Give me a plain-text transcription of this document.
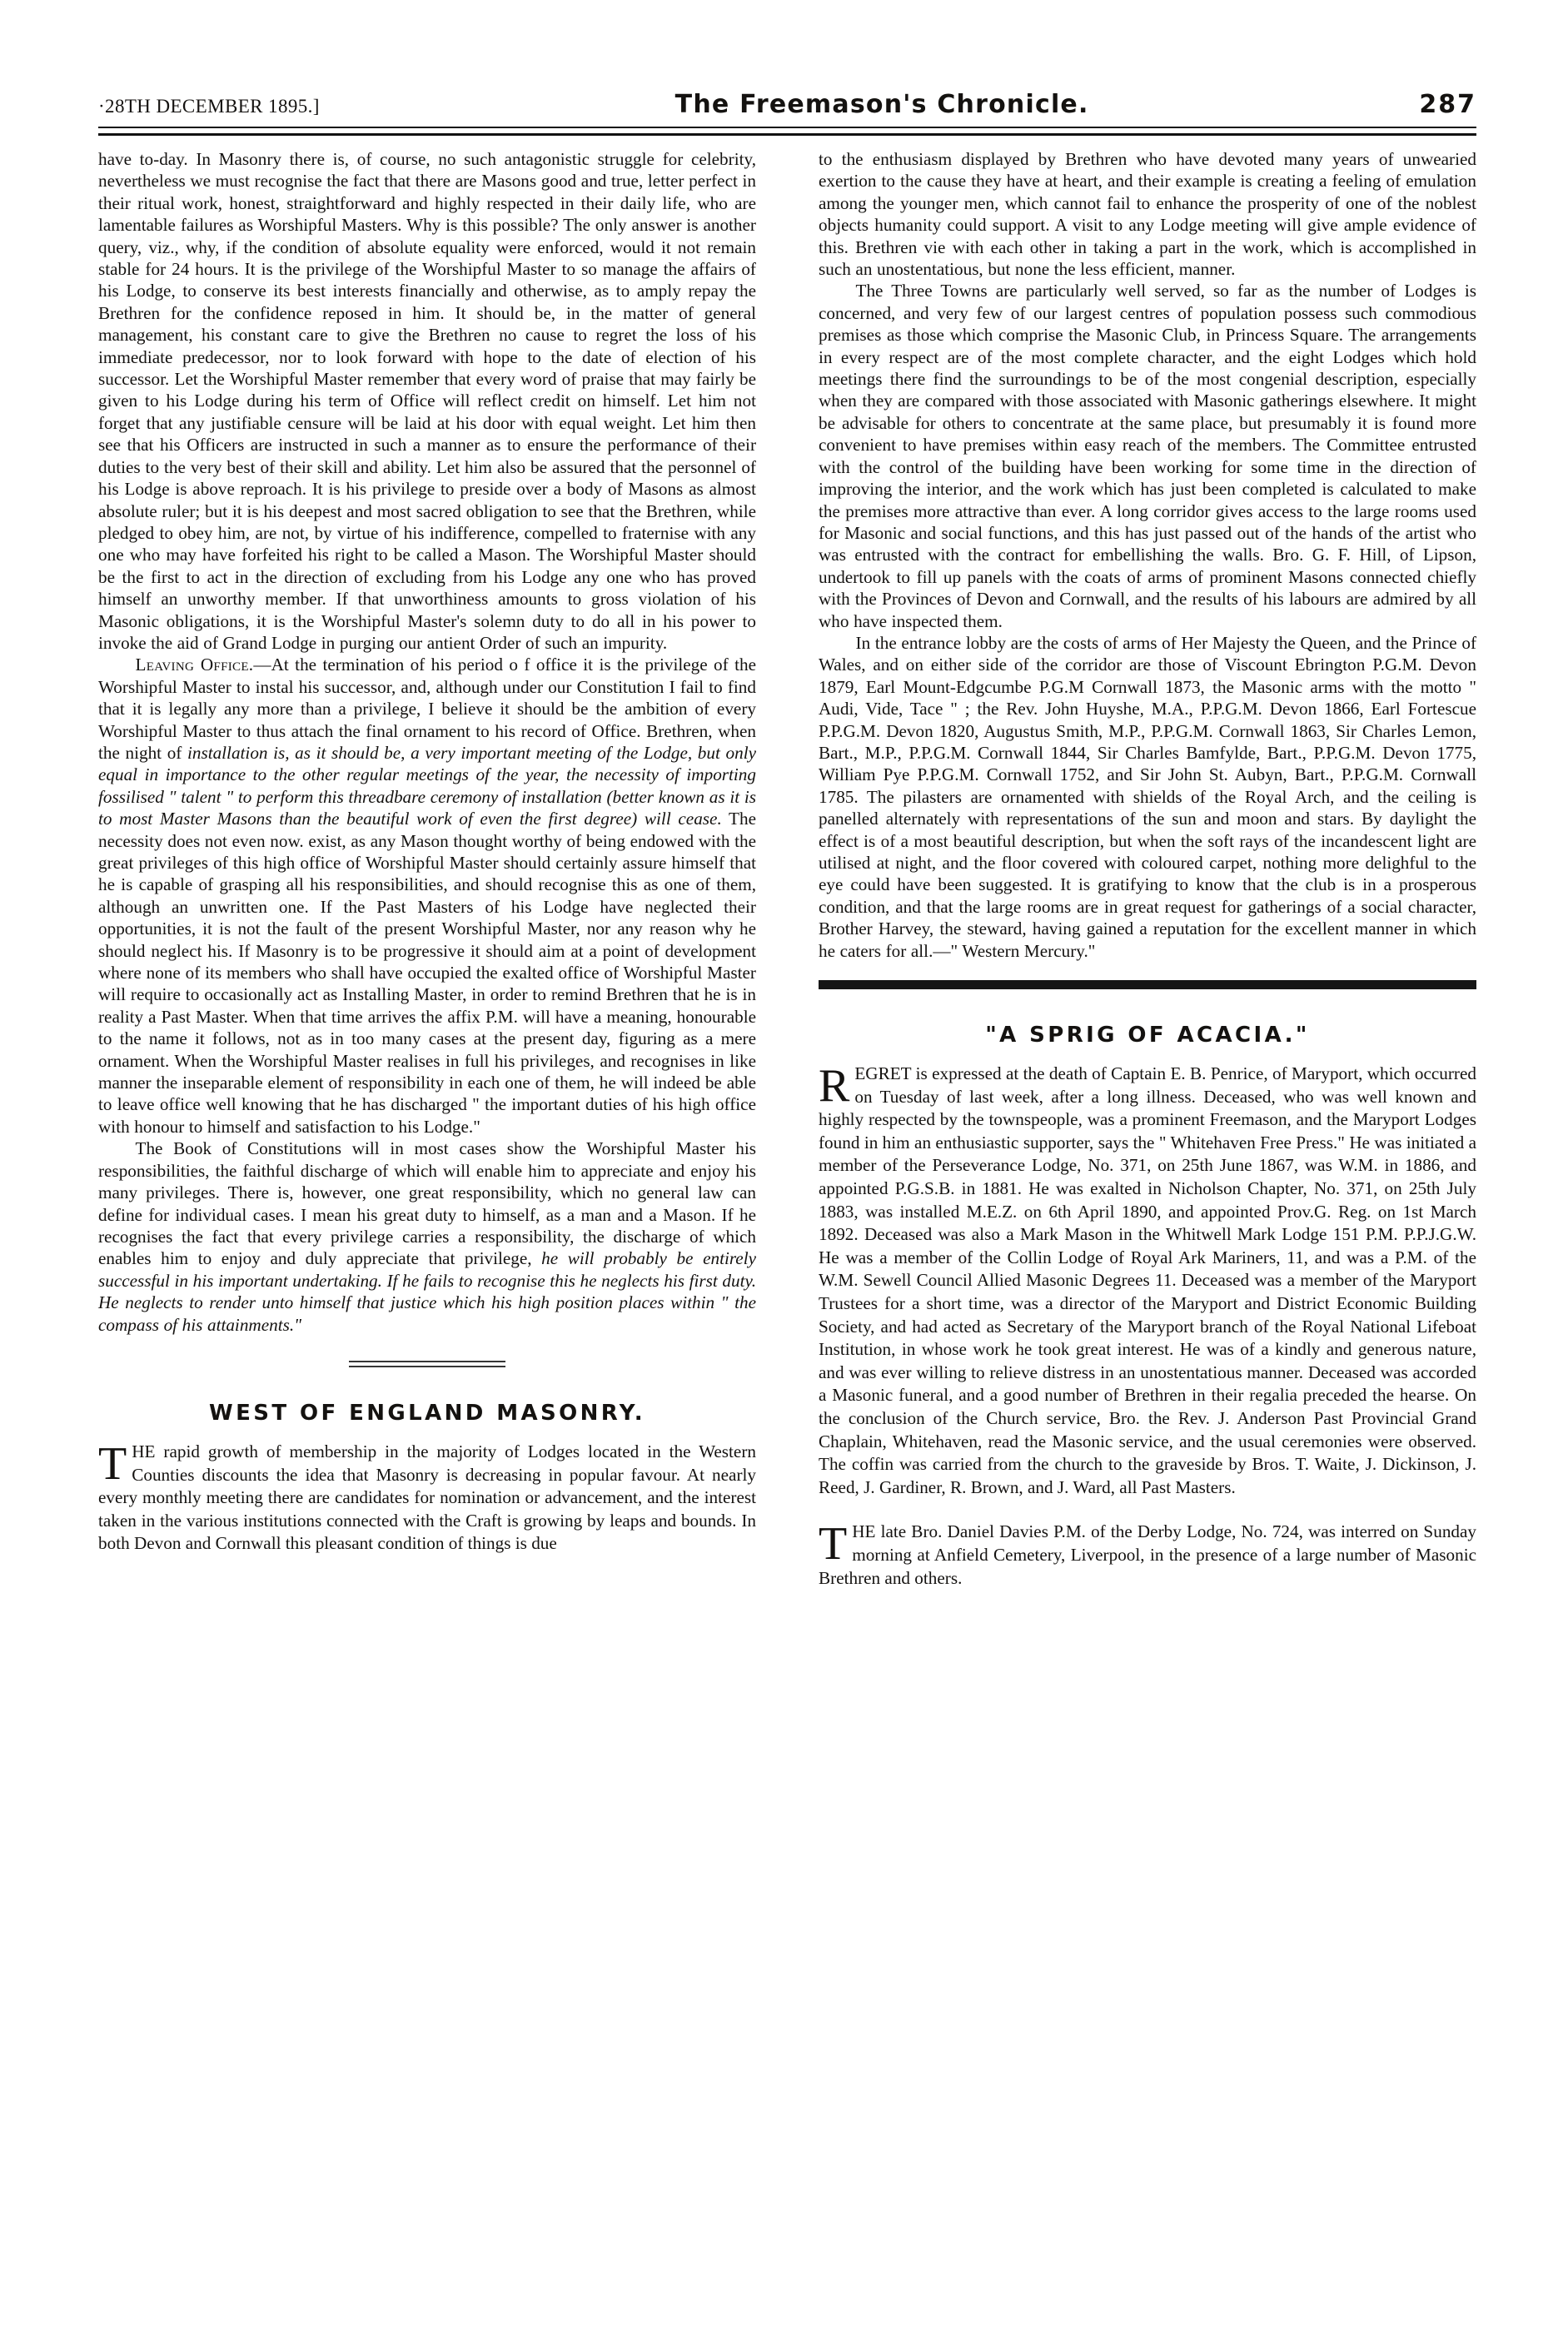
·28TH DECEMBER 1895.]	The Freemason's Chronicle.	287

have to-day. In Masonry there is, of course, no such antagonistic struggle for celebrity, nevertheless we must recognise the fact that there are Masons good and true, letter perfect in their ritual work, honest, straightforward and highly respected in their daily life, who are lamentable failures as Worshipful Masters. Why is this possible? The only answer is another query, viz., why, if the condition of absolute equality were enforced, would it not remain stable for 24 hours. It is the privilege of the Worshipful Master to so manage the affairs of his Lodge, to conserve its best interests financially and otherwise, as to amply repay the Brethren for the confidence reposed in him. It should be, in the matter of general management, his constant care to give the Brethren no cause to regret the loss of his immediate predecessor, nor to look forward with hope to the date of election of his successor. Let the Worshipful Master remember that every word of praise that may fairly be given to his Lodge during his term of Office will reflect credit on himself. Let him not forget that any justifiable censure will be laid at his door with equal weight. Let him then see that his Officers are instructed in such a manner as to ensure the performance of their duties to the very best of their skill and ability. Let him also be assured that the personnel of his Lodge is above reproach. It is his privilege to preside over a body of Masons as almost absolute ruler; but it is his deepest and most sacred obligation to see that the Brethren, while pledged to obey him, are not, by virtue of his indifference, compelled to fraternise with any one who may have forfeited his right to be called a Mason. The Worshipful Master should be the first to act in the direction of excluding from his Lodge any one who has proved himself an unworthy member. If that unworthiness amounts to gross violation of his Masonic obligations, it is the Worshipful Master's solemn duty to do all in his power to invoke the aid of Grand Lodge in purging our antient Order of such an impurity.

Leaving Office.—At the termination of his period o f office it is the privilege of the Worshipful Master to instal his successor, and, although under our Constitution I fail to find that it is legally any more than a privilege, I believe it should be the ambition of every Worshipful Master to thus attach the final ornament to his record of Office. Brethren, when the night of installation is, as it should be, a very important meeting of the Lodge, but only equal in importance to the other regular meetings of the year, the necessity of importing fossilised " talent " to perform this threadbare ceremony of installation (better known as it is to most Master Masons than the beautiful work of even the first degree) will cease. The necessity does not even now. exist, as any Mason thought worthy of being endowed with the great privileges of this high office of Worshipful Master should certainly assure himself that he is capable of grasping all his responsibilities, and should recognise this as one of them, although an unwritten one. If the Past Masters of his Lodge have neglected their opportunities, it is not the fault of the present Worshipful Master, nor any reason why he should neglect his. If Masonry is to be progressive it should aim at a point of development where none of its members who shall have occupied the exalted office of Worshipful Master will require to occasionally act as Installing Master, in order to remind Brethren that he is in reality a Past Master. When that time arrives the affix P.M. will have a meaning, honourable to the name it follows, not as in too many cases at the present day, figuring as a mere ornament. When the Worshipful Master realises in full his privileges, and recognises in like manner the inseparable element of responsibility in each one of them, he will indeed be able to leave office well knowing that he has discharged " the important duties of his high office with honour to himself and satisfaction to his Lodge."

The Book of Constitutions will in most cases show the Worshipful Master his responsibilities, the faithful discharge of which will enable him to appreciate and enjoy his many privileges. There is, however, one great responsibility, which no general law can define for individual cases. I mean his great duty to himself, as a man and a Mason. If he recognises the fact that every privilege carries a responsibility, the discharge of which enables him to enjoy and duly appreciate that privilege, he will probably be entirely successful in his important undertaking. If he fails to recognise this he neglects his first duty. He neglects to render unto himself that justice which his high position places within " the compass of his attainments."

WEST OF ENGLAND MASONRY.

THE rapid growth of membership in the majority of Lodges located in the Western Counties discounts the idea that Masonry is decreasing in popular favour. At nearly every monthly meeting there are candidates for nomination or advancement, and the interest taken in the various institutions connected with the Craft is growing by leaps and bounds. In both Devon and Cornwall this pleasant condition of things is due

to the enthusiasm displayed by Brethren who have devoted many years of unwearied exertion to the cause they have at heart, and their example is creating a feeling of emulation among the younger men, which cannot fail to enhance the prosperity of one of the noblest objects humanity could support. A visit to any Lodge meeting will give ample evidence of this. Brethren vie with each other in taking a part in the work, which is accomplished in such an unostentatious, but none the less efficient, manner.

The Three Towns are particularly well served, so far as the number of Lodges is concerned, and very few of our largest centres of population possess such commodious premises as those which comprise the Masonic Club, in Princess Square. The arrangements in every respect are of the most complete character, and the eight Lodges which hold meetings there find the surroundings to be of the most congenial description, especially when they are compared with those associated with Masonic gatherings elsewhere. It might be advisable for others to concentrate at the same place, but presumably it is found more convenient to have premises within easy reach of the members. The Committee entrusted with the control of the building have been working for some time in the direction of improving the interior, and the work which has just been completed is calculated to make the premises more attractive than ever. A long corridor gives access to the large rooms used for Masonic and social functions, and this has just passed out of the hands of the artist who was entrusted with the contract for embellishing the walls. Bro. G. F. Hill, of Lipson, undertook to fill up panels with the coats of arms of prominent Masons connected chiefly with the Provinces of Devon and Cornwall, and the results of his labours are admired by all who have inspected them.

In the entrance lobby are the costs of arms of Her Majesty the Queen, and the Prince of Wales, and on either side of the corridor are those of Viscount Ebrington P.G.M. Devon 1879, Earl Mount-Edgcumbe P.G.M Cornwall 1873, the Masonic arms with the motto " Audi, Vide, Tace " ; the Rev. John Huyshe, M.A., P.P.G.M. Devon 1866, Earl Fortescue P.P.G.M. Devon 1820, Augustus Smith, M.P., P.P.G.M. Cornwall 1863, Sir Charles Lemon, Bart., M.P., P.P.G.M. Cornwall 1844, Sir Charles Bamfylde, Bart., P.P.G.M. Devon 1775, William Pye P.P.G.M. Cornwall 1752, and Sir John St. Aubyn, Bart., P.P.G.M. Cornwall 1785. The pilasters are ornamented with shields of the Royal Arch, and the ceiling is panelled alternately with representations of the sun and moon and stars. By daylight the effect is of a most beautiful description, but when the soft rays of the incandescent light are utilised at night, and the floor covered with coloured carpet, nothing more delighful to the eye could have been suggested. It is gratifying to know that the club is in a prosperous condition, and that the large rooms are in great request for gatherings of a social character, Brother Harvey, the steward, having gained a reputation for the excellent manner in which he caters for all.—" Western Mercury."

"A SPRIG OF ACACIA."

REGRET is expressed at the death of Captain E. B. Penrice, of Maryport, which occurred on Tuesday of last week, after a long illness. Deceased, who was well known and highly respected by the townspeople, was a prominent Freemason, and the Maryport Lodges found in him an enthusiastic supporter, says the " Whitehaven Free Press." He was initiated a member of the Perseverance Lodge, No. 371, on 25th June 1867, was W.M. in 1886, and appointed P.G.S.B. in 1881. He was exalted in Nicholson Chapter, No. 371, on 25th July 1883, was installed M.E.Z. on 6th April 1890, and appointed Prov.G. Reg. on 1st March 1892. Deceased was also a Mark Mason in the Whitwell Mark Lodge 151 P.M. P.P.J.G.W. He was a member of the Collin Lodge of Royal Ark Mariners, 11, and was a P.M. of the W.M. Sewell Council Allied Masonic Degrees 11. Deceased was a member of the Maryport Trustees for a short time, was a director of the Maryport and District Economic Building Society, and had acted as Secretary of the Maryport branch of the Royal National Lifeboat Institution, in whose work he took great interest. He was of a kindly and generous nature, and was ever willing to relieve distress in an unostentatious manner. Deceased was accorded a Masonic funeral, and a good number of Brethren in their regalia preceded the hearse. On the conclusion of the Church service, Bro. the Rev. J. Anderson Past Provincial Grand Chaplain, Whitehaven, read the Masonic service, and the usual ceremonies were observed. The coffin was carried from the church to the graveside by Bros. T. Waite, J. Dickinson, J. Reed, J. Gardiner, R. Brown, and J. Ward, all Past Masters.

THE late Bro. Daniel Davies P.M. of the Derby Lodge, No. 724, was interred on Sunday morning at Anfield Cemetery, Liverpool, in the presence of a large number of Masonic Brethren and others.
